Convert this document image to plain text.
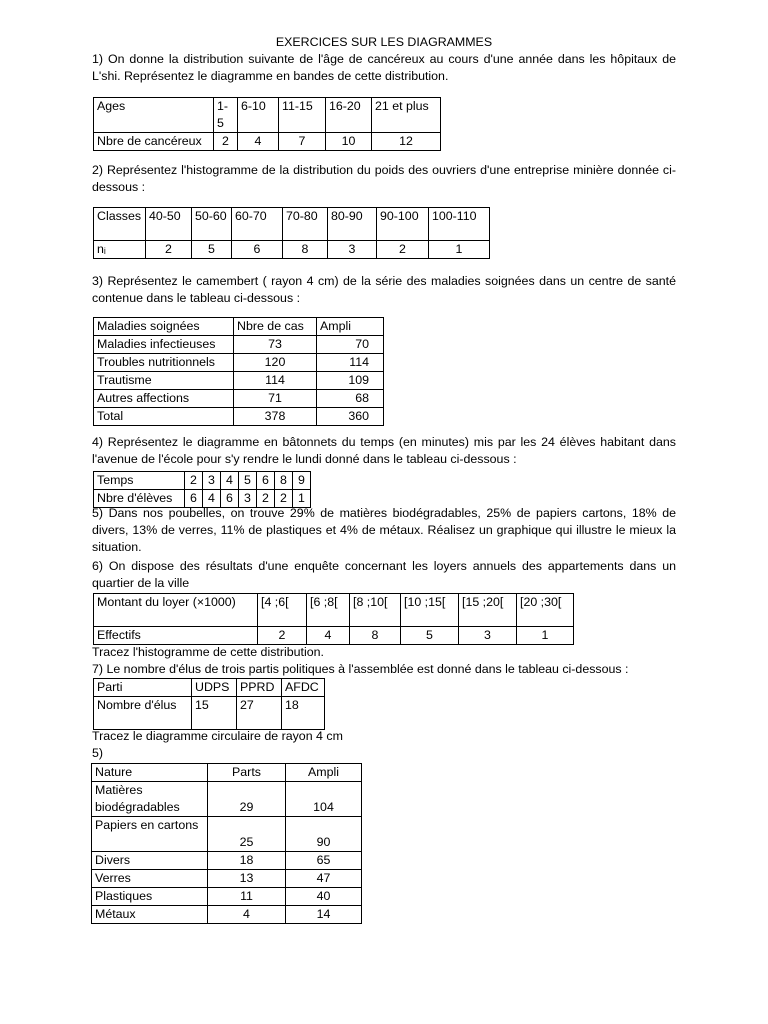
EXERCICES SUR LES DIAGRAMMES

1) On donne la distribution suivante de l'âge de cancéreux au cours d'une année dans les hôpitaux de L'shi. Représentez le diagramme en bandes de cette distribution.

Ages	1-5	6-10	11-15	16-20	21 et plus
Nbre de cancéreux	2	4	7	10	12

2) Représentez l'histogramme de la distribution du poids des ouvriers d'une entreprise minière donnée ci-dessous :

Classes	40-50	50-60	60-70	70-80	80-90	90-100	100-110
nᵢ	2	5	6	8	3	2	1

3) Représentez le camembert ( rayon 4 cm) de la série des maladies soignées dans un centre de santé contenue dans le tableau ci-dessous :

Maladies soignées	Nbre de cas	Ampli
Maladies infectieuses	73	70
Troubles nutritionnels	120	114
Trautisme	114	109
Autres affections	71	68
Total	378	360

4) Représentez le diagramme en bâtonnets du temps (en minutes) mis par les 24 élèves habitant dans l'avenue de l'école pour s'y rendre le lundi donné dans le tableau ci-dessous :

Temps	2	3	4	5	6	8	9
Nbre d'élèves	6	4	6	3	2	2	1

5) Dans nos poubelles, on trouve 29% de matières biodégradables, 25% de papiers cartons, 18% de divers, 13% de verres, 11% de plastiques et 4% de métaux. Réalisez un graphique qui illustre le mieux la situation.

6) On dispose des résultats d'une enquête concernant les loyers annuels des appartements dans un quartier de la ville

Montant du loyer (×1000)	[4 ;6[	[6 ;8[	[8 ;10[	[10 ;15[	[15 ;20[	[20 ;30[
Effectifs	2	4	8	5	3	1

Tracez l'histogramme de cette distribution.

7) Le nombre d'élus de trois partis politiques à l'assemblée est donné dans le tableau ci-dessous :

Parti	UDPS	PPRD	AFDC
Nombre d'élus	15	27	18

Tracez le diagramme circulaire de rayon 4 cm

5)

Nature	Parts	Ampli
Matières biodégradables	29	104
Papiers en cartons	25	90
Divers	18	65
Verres	13	47
Plastiques	11	40
Métaux	4	14
